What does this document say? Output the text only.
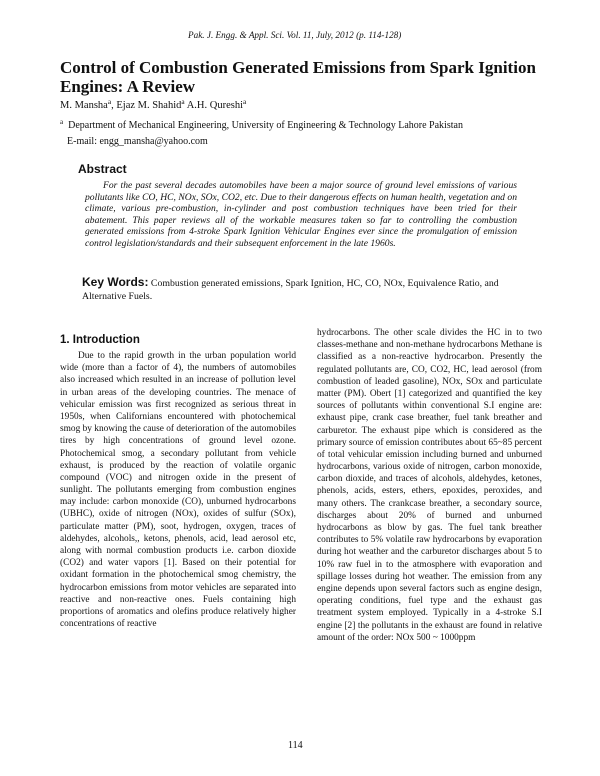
Pak. J. Engg. & Appl. Sci. Vol. 11, July, 2012 (p. 114-128)
Control of Combustion Generated Emissions from Spark Ignition Engines: A Review
M. Mansha$^a$, Ejaz M. Shahid$^a$ A.H. Qureshi$^a$
$^a$ Department of Mechanical Engineering, University of Engineering & Technology Lahore Pakistan
E-mail: engg_mansha@yahoo.com
Abstract

For the past several decades automobiles have been a major source of ground level emissions of various pollutants like CO, HC, NOx, SOx, CO2, etc. Due to their dangerous effects on human health, vegetation and on climate, various pre-combustion, in-cylinder and post combustion techniques have been tried for their abatement. This paper reviews all of the workable measures taken so far to controlling the combustion generated emissions from 4-stroke Spark Ignition Vehicular Engines ever since the promulgation of emission control legislation/standards and their subsequent enforcement in the late 1960s.

Key Words: Combustion generated emissions, Spark Ignition, HC, CO, NOx, Equivalence Ratio, and Alternative Fuels.
1. Introduction

Due to the rapid growth in the urban population world wide (more than a factor of 4), the numbers of automobiles also increased which resulted in an increase of pollution level in urban areas of the developing countries. The menace of vehicular emission was first recognized as serious threat in 1950s, when Californians encountered with photochemical smog by knowing the cause of deterioration of the automobiles tires by high concentrations of ground level ozone. Photochemical smog, a secondary pollutant from vehicle exhaust, is produced by the reaction of volatile organic compound (VOC) and nitrogen oxide in the present of sunlight. The pollutants emerging from combustion engines may include: carbon monoxide (CO), unburned hydrocarbons (UBHC), oxide of nitrogen (NOx), oxides of sulfur (SOx), particulate matter (PM), soot, hydrogen, oxygen, traces of aldehydes, alcohols,, ketons, phenols, acid, lead aerosol etc, along with normal combustion products i.e. carbon dioxide (CO2) and water vapors [1]. Based on their potential for oxidant formation in the photochemical smog chemistry, the hydrocarbon emissions from motor vehicles are separated into reactive and non-reactive ones. Fuels containing high proportions of aromatics and olefins produce relatively higher concentrations of reactive

hydrocarbons. The other scale divides the HC in to two classes-methane and non-methane hydrocarbons Methane is classified as a non-reactive hydrocarbon. Presently the regulated pollutants are, CO, CO2, HC, lead aerosol (from combustion of leaded gasoline), NOx, SOx and particulate matter (PM). Obert [1] categorized and quantified the key sources of pollutants within conventional S.I engine are: exhaust pipe, crank case breather, fuel tank breather and carburetor. The exhaust pipe which is considered as the primary source of emission contributes about 65~85 percent of total vehicular emission including burned and unburned hydrocarbons, various oxide of nitrogen, carbon monoxide, carbon dioxide, and traces of alcohols, aldehydes, ketones, phenols, acids, esters, ethers, epoxides, peroxides, and many others. The crankcase breather, a secondary source, discharges about 20% of burned and unburned hydrocarbons as blow by gas. The fuel tank breather contributes to 5% volatile raw hydrocarbons by evaporation during hot weather and the carburetor discharges about 5 to 10% raw fuel in to the atmosphere with evaporation and spillage losses during hot weather. The emission from any engine depends upon several factors such as engine design, operating conditions, fuel type and the exhaust gas treatment system employed. Typically in a 4-stroke S.I engine [2] the pollutants in the exhaust are found in relative amount of the order: NOx 500 ~ 1000ppm

114
